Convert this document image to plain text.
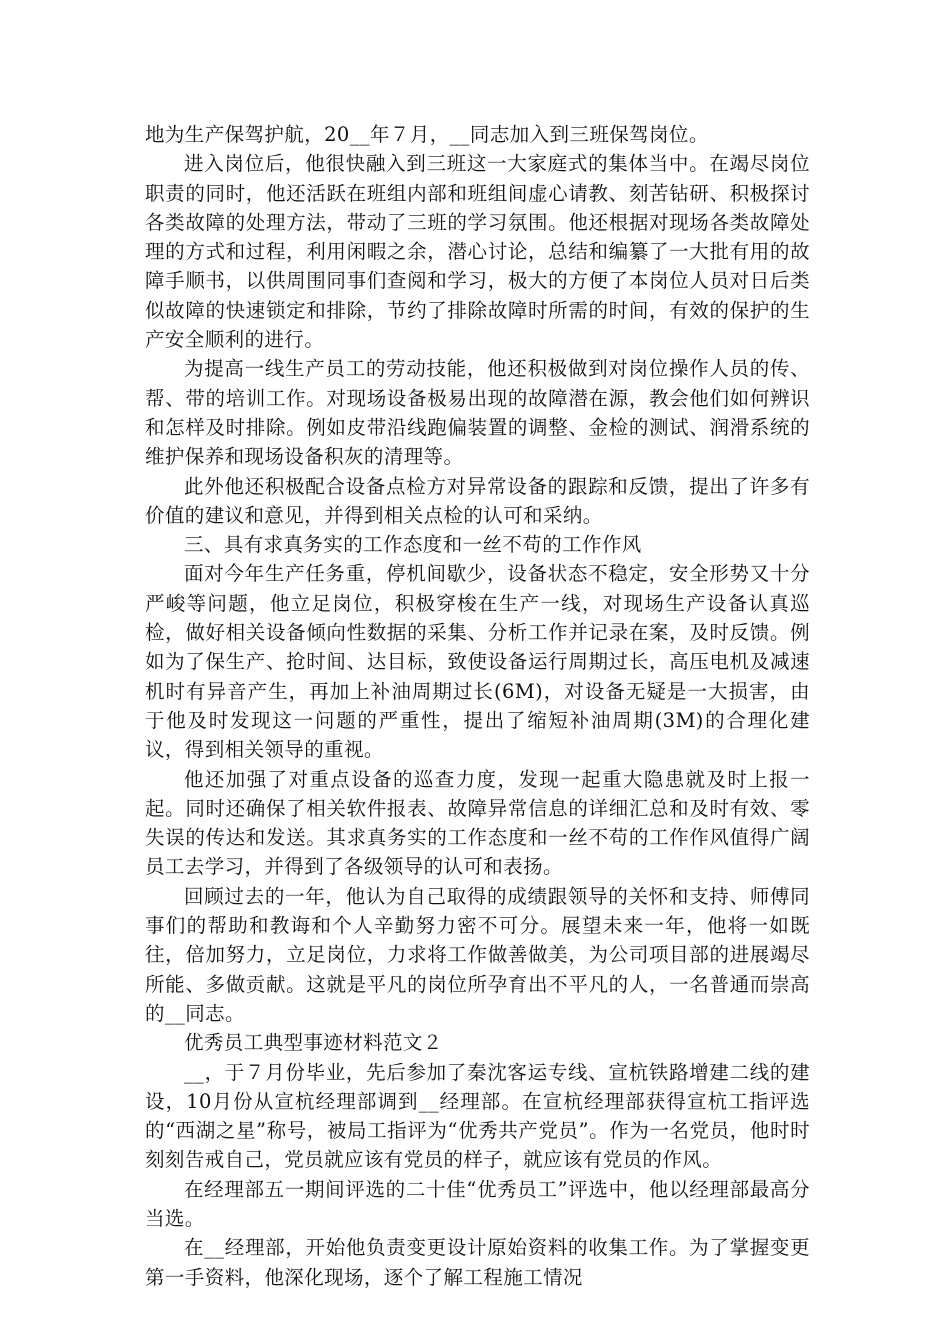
地为生产保驾护航，20__年７月，__同志加入到三班保驾岗位。

进入岗位后，他很快融入到三班这一大家庭式的集体当中。在竭尽岗位职责的同时，他还活跃在班组内部和班组间虚心请教、刻苦钻研、积极探讨各类故障的处理方法，带动了三班的学习氛围。他还根据对现场各类故障处理的方式和过程，利用闲暇之余，潜心讨论，总结和编纂了一大批有用的故障手顺书，以供周围同事们查阅和学习，极大的方便了本岗位人员对日后类似故障的快速锁定和排除，节约了排除故障时所需的时间，有效的保护的生产安全顺利的进行。

为提高一线生产员工的劳动技能，他还积极做到对岗位操作人员的传、帮、带的培训工作。对现场设备极易出现的故障潜在源，教会他们如何辨识和怎样及时排除。例如皮带沿线跑偏装置的调整、金检的测试、润滑系统的维护保养和现场设备积灰的清理等。

此外他还积极配合设备点检方对异常设备的跟踪和反馈，提出了许多有价值的建议和意见，并得到相关点检的认可和采纳。

三、具有求真务实的工作态度和一丝不苟的工作作风

面对今年生产任务重，停机间歇少，设备状态不稳定，安全形势又十分严峻等问题，他立足岗位，积极穿梭在生产一线，对现场生产设备认真巡检，做好相关设备倾向性数据的采集、分析工作并记录在案，及时反馈。例如为了保生产、抢时间、达目标，致使设备运行周期过长，高压电机及减速机时有异音产生，再加上补油周期过长(6M)，对设备无疑是一大损害，由于他及时发现这一问题的严重性，提出了缩短补油周期(3M)的合理化建议，得到相关领导的重视。

他还加强了对重点设备的巡查力度，发现一起重大隐患就及时上报一起。同时还确保了相关软件报表、故障异常信息的详细汇总和及时有效、零失误的传达和发送。其求真务实的工作态度和一丝不苟的工作作风值得广阔员工去学习，并得到了各级领导的认可和表扬。

回顾过去的一年，他认为自己取得的成绩跟领导的关怀和支持、师傅同事们的帮助和教诲和个人辛勤努力密不可分。展望未来一年，他将一如既往，倍加努力，立足岗位，力求将工作做善做美，为公司项目部的进展竭尽所能、多做贡献。这就是平凡的岗位所孕育出不平凡的人，一名普通而崇高的__同志。

优秀员工典型事迹材料范文２

__，于７月份毕业，先后参加了秦沈客运专线、宣杭铁路增建二线的建设，10月份从宣杭经理部调到__经理部。在宣杭经理部获得宣杭工指评选的“西湖之星”称号，被局工指评为“优秀共产党员”。作为一名党员，他时时刻刻告戒自己，党员就应该有党员的样子，就应该有党员的作风。

在经理部五一期间评选的二十佳“优秀员工”评选中，他以经理部最高分当选。

在__经理部，开始他负责变更设计原始资料的收集工作。为了掌握变更第一手资料，他深化现场，逐个了解工程施工情况
